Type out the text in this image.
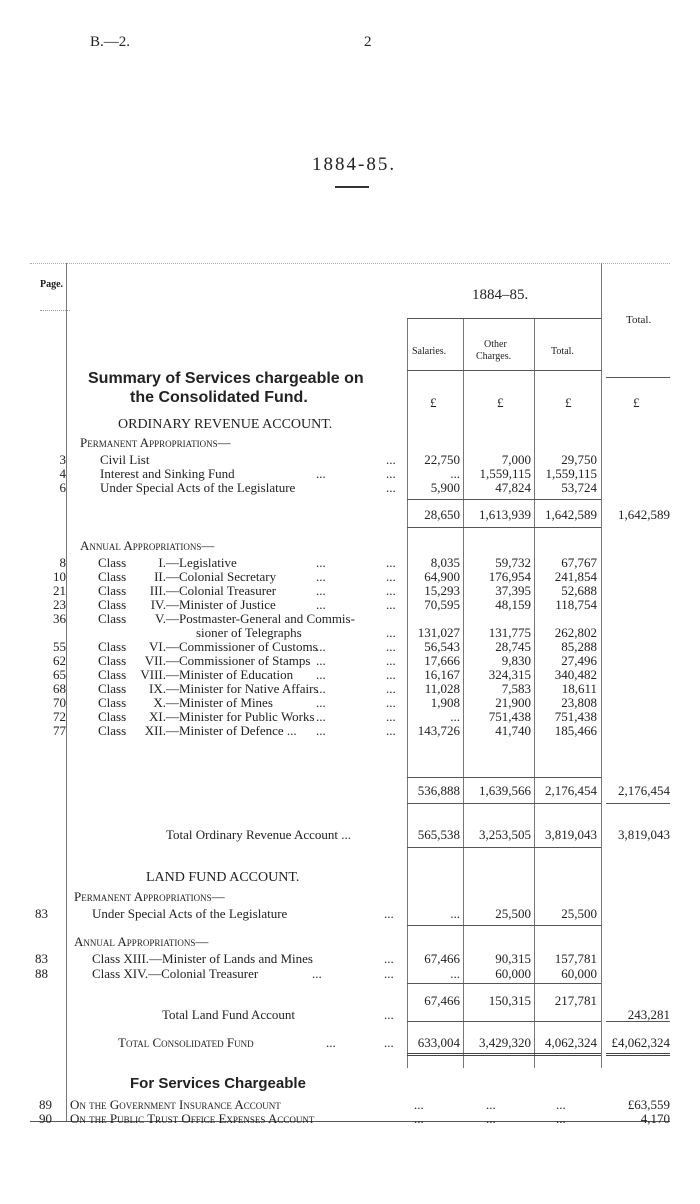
B.—2.	2
1884-85.
Page.
1884–85.
Total.
Salaries.
Other
Charges.	Total.
£	£	£	£
Summary of Services chargeable on
the Consolidated Fund.
ORDINARY REVENUE ACCOUNT.
Permanent Appropriations—
3	Civil List	...	22,750	7,000	29,750
4	Interest and Sinking Fund	...	...	...	1,559,115	1,559,115
6	Under Special Acts of the Legislature	...	5,900	47,824	53,724
28,650	1,613,939	1,642,589	1,642,589
Annual Appropriations—
8 Class	I. —Legislative	...	...	8,035	59,732	67,767
10 Class	II. —Colonial Secretary	...	...	64,900	176,954	241,854
21 Class	III. —Colonial Treasurer	...	...	15,293	37,395	52,688
23 Class	IV. —Minister of Justice	...	...	70,595	48,159	118,754
36 Class	V. —Postmaster-General and Commis-
sioner of Telegraphs	...	131,027	131,775	262,802
55 Class	VI. —Commissioner of Customs
...	...	56,543	28,745	85,288
62 Class	VII. —Commissioner of Stamps ...	...	17,666	9,830	27,496
65 Class	VIII. —Minister of Education ...	...	16,167	324,315	340,482
68 Class	IX. —Minister for Native Affairs
...	...	11,028	7,583	18,611
70 Class	X. —Minister of Mines	...	...	1,908	21,900	23,808
72 Class	XI. —Minister for Public Works ...	...	...	751,438	751,438
77 Class	XII. —Minister of Defence ... ...	...	143,726	41,740	185,466
536,888	1,639,566	2,176,454	2,176,454
Total Ordinary Revenue Account ...	565,538	3,253,505	3,819,043	3,819,043
LAND FUND ACCOUNT.
Permanent Appropriations—
83	Under Special Acts of the Legislature	...	...	25,500	25,500
Annual Appropriations—
83	Class XIII.—Minister of Lands and Mines	...	67,466	90,315	157,781
88	Class XIV.—Colonial Treasurer	...	...	...	60,000	60,000
67,466	150,315	217,781
Total Land Fund Account	...	243,281
Total Consolidated Fund	...	...	633,004	3,429,320	4,062,324	£4,062,324
For Services Chargeable
89 On the Government Insurance Account	...	...	...	£63,559
90 On the Public Trust Office Expenses Account	...	...	...	4,170
